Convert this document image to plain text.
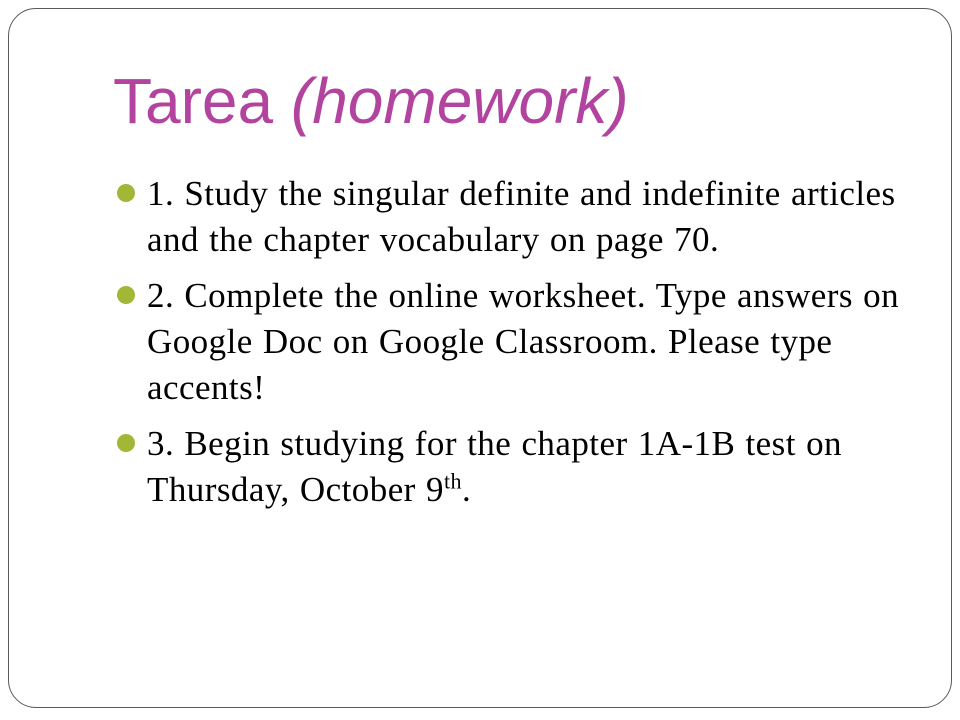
Tarea (homework)
1. Study the singular definite and indefinite articles and the chapter vocabulary on page 70.
2. Complete the online worksheet. Type answers on Google Doc on Google Classroom. Please type accents!
3. Begin studying for the chapter 1A-1B test on Thursday, October 9th.
